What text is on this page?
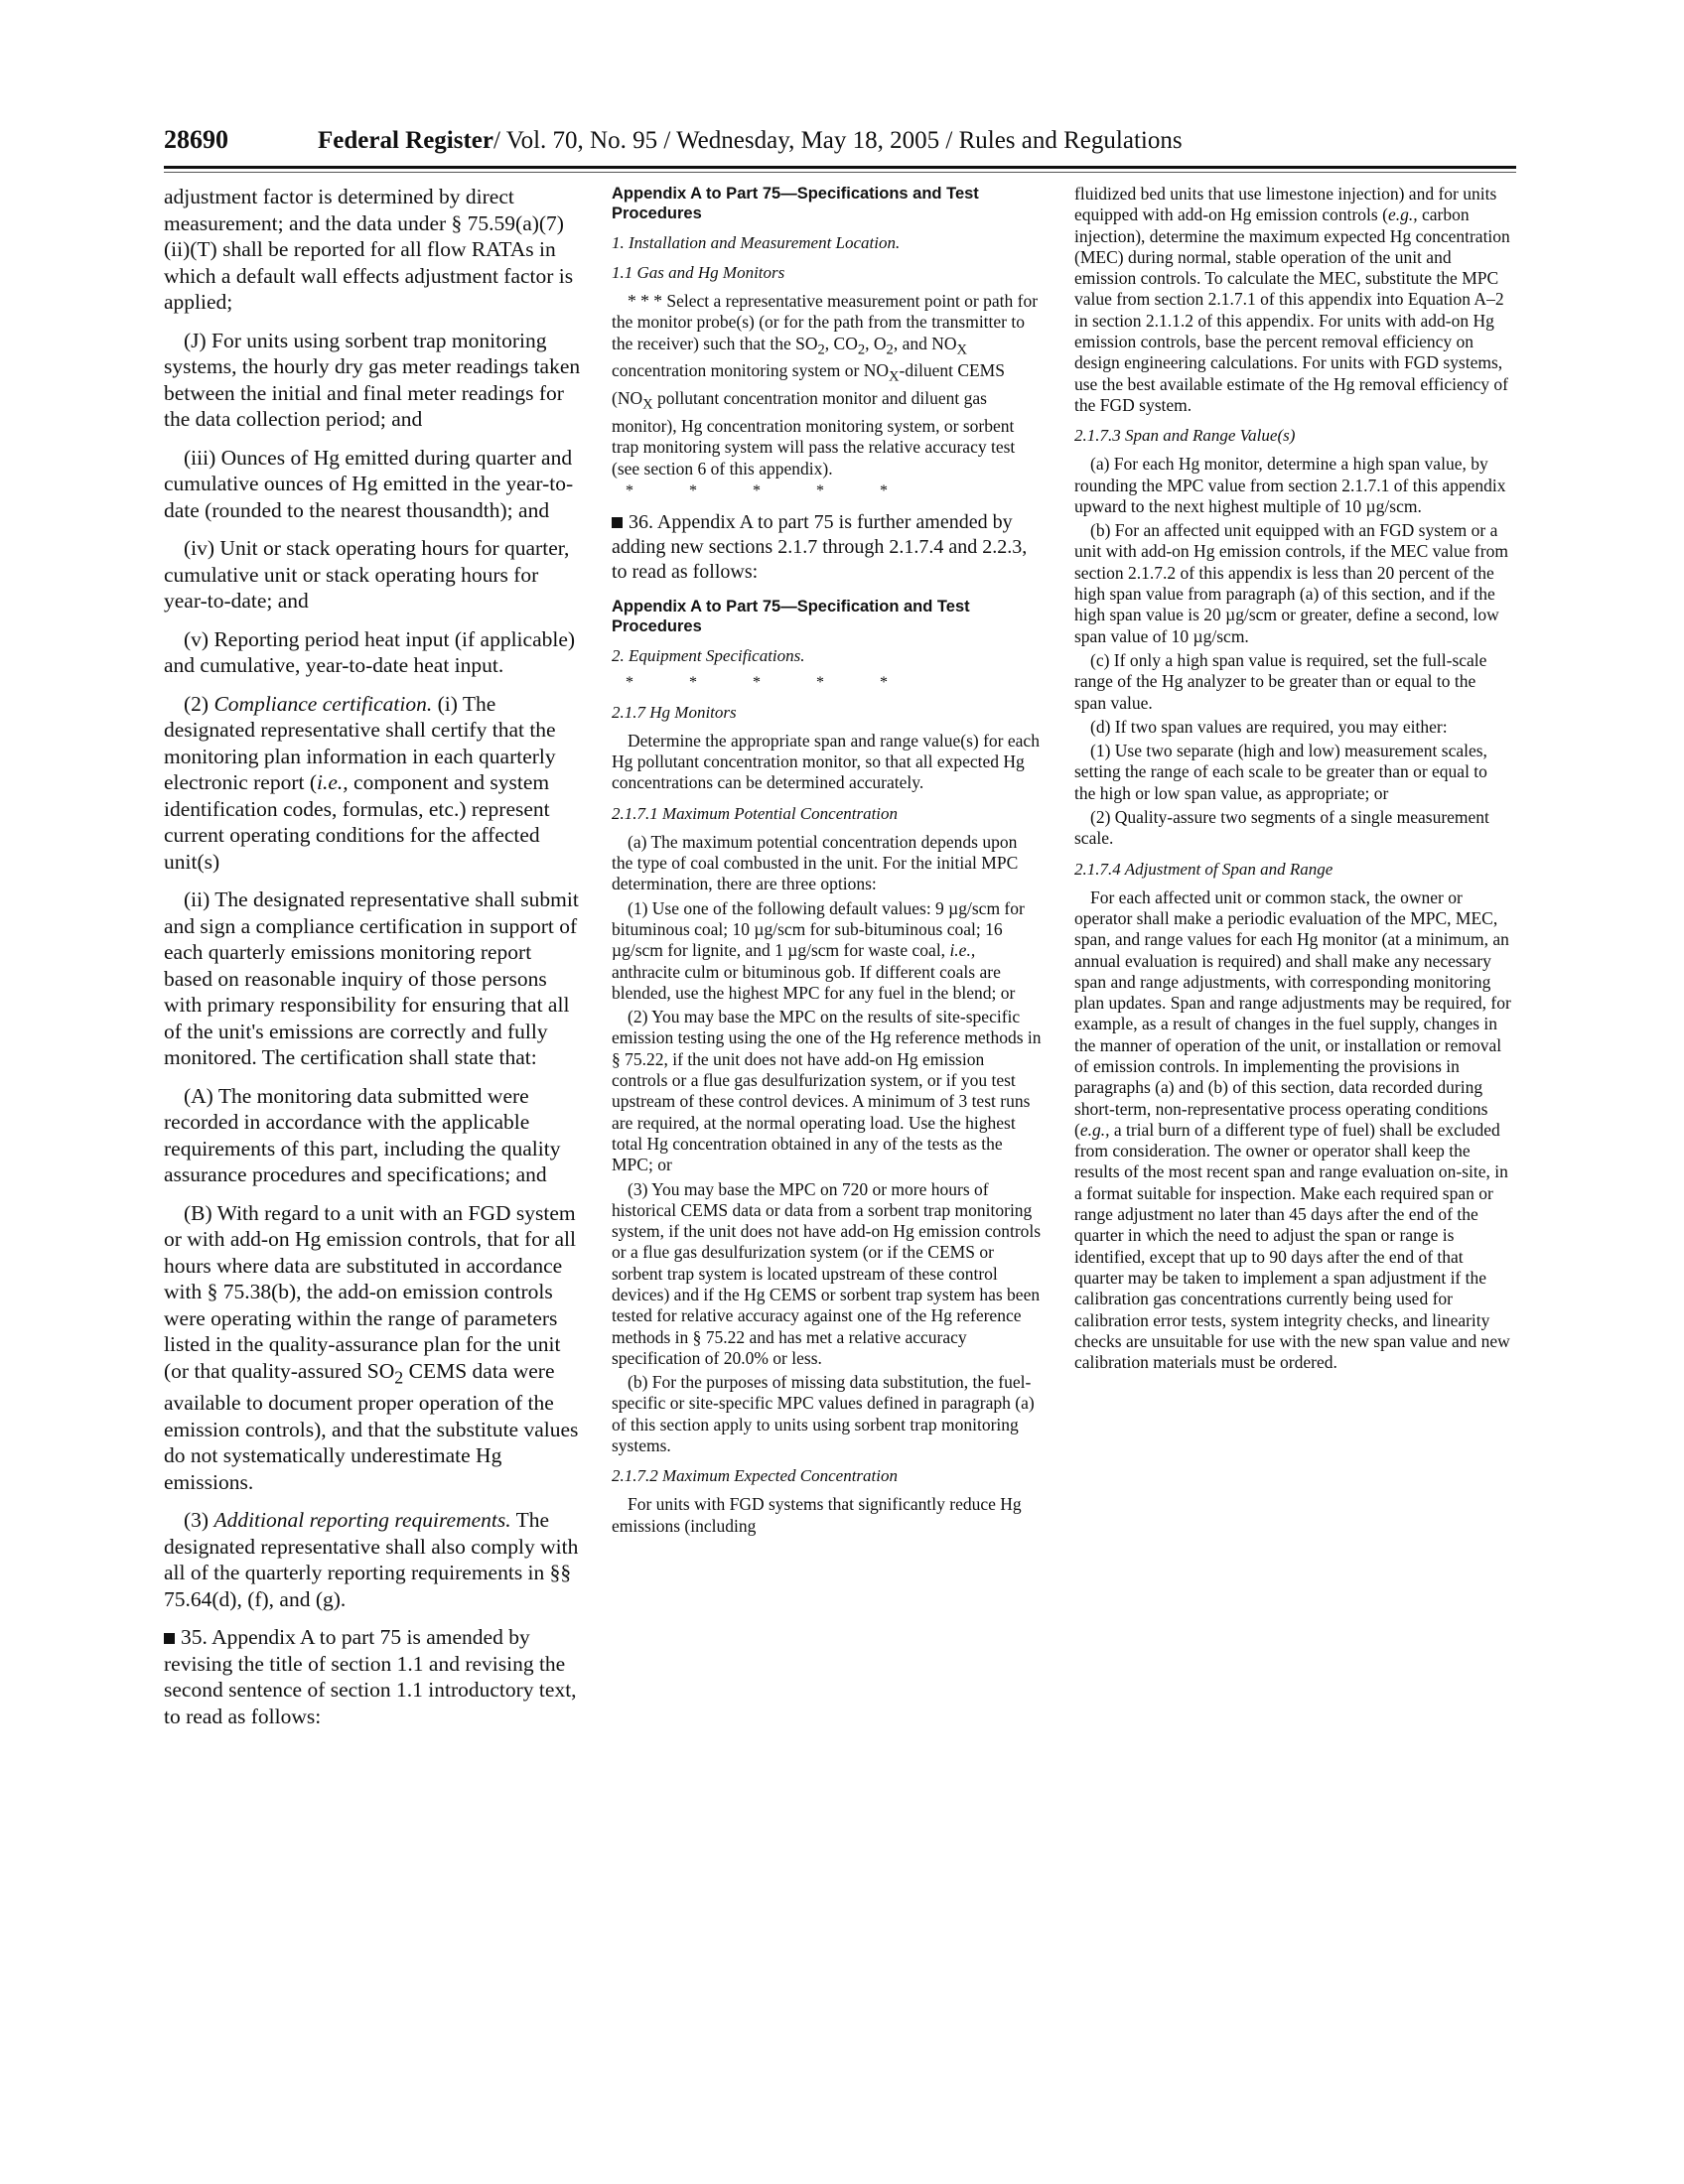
28690	Federal Register/ Vol. 70, No. 95 / Wednesday, May 18, 2005 / Rules and Regulations

adjustment factor is determined by direct measurement; and the data under § 75.59(a)(7)(ii)(T) shall be reported for all flow RATAs in which a default wall effects adjustment factor is applied;

(J) For units using sorbent trap monitoring systems, the hourly dry gas meter readings taken between the initial and final meter readings for the data collection period; and

(iii) Ounces of Hg emitted during quarter and cumulative ounces of Hg emitted in the year-to-date (rounded to the nearest thousandth); and

(iv) Unit or stack operating hours for quarter, cumulative unit or stack operating hours for year-to-date; and

(v) Reporting period heat input (if applicable) and cumulative, year-to-date heat input.

(2) Compliance certification. (i) The designated representative shall certify that the monitoring plan information in each quarterly electronic report (i.e., component and system identification codes, formulas, etc.) represent current operating conditions for the affected unit(s)

(ii) The designated representative shall submit and sign a compliance certification in support of each quarterly emissions monitoring report based on reasonable inquiry of those persons with primary responsibility for ensuring that all of the unit's emissions are correctly and fully monitored. The certification shall state that:

(A) The monitoring data submitted were recorded in accordance with the applicable requirements of this part, including the quality assurance procedures and specifications; and

(B) With regard to a unit with an FGD system or with add-on Hg emission controls, that for all hours where data are substituted in accordance with § 75.38(b), the add-on emission controls were operating within the range of parameters listed in the quality-assurance plan for the unit (or that quality-assured $SO_2$ CEMS data were available to document proper operation of the emission controls), and that the substitute values do not systematically underestimate Hg emissions.

(3) Additional reporting requirements. The designated representative shall also comply with all of the quarterly reporting requirements in §§ 75.64(d), (f), and (g).

35. Appendix A to part 75 is amended by revising the title of section 1.1 and revising the second sentence of section 1.1 introductory text, to read as follows:
Appendix A to Part 75—Specifications and Test Procedures
1. Installation and Measurement Location.
1.1 Gas and Hg Monitors

* * * Select a representative measurement point or path for the monitor probe(s) (or for the path from the transmitter to the receiver) such that the $SO_2$, $CO_2$, $O_2$, and $NO_X$ concentration monitoring system or $NO_X$-diluent CEMS ($NO_X$ pollutant concentration monitor and diluent gas monitor), Hg concentration monitoring system, or sorbent trap monitoring system will pass the relative accuracy test (see section 6 of this appendix).

* * * * *
36. Appendix A to part 75 is further amended by adding new sections 2.1.7 through 2.1.7.4 and 2.2.3, to read as follows:
Appendix A to Part 75—Specification and Test Procedures
2. Equipment Specifications.
* * * * *
2.1.7 Hg Monitors

Determine the appropriate span and range value(s) for each Hg pollutant concentration monitor, so that all expected Hg concentrations can be determined accurately.

2.1.7.1 Maximum Potential Concentration

(a) The maximum potential concentration depends upon the type of coal combusted in the unit. For the initial MPC determination, there are three options:

(1) Use one of the following default values: 9 µg/scm for bituminous coal; 10 µg/scm for sub-bituminous coal; 16 µg/scm for lignite, and 1 µg/scm for waste coal, i.e., anthracite culm or bituminous gob. If different coals are blended, use the highest MPC for any fuel in the blend; or

(2) You may base the MPC on the results of site-specific emission testing using the one of the Hg reference methods in § 75.22, if the unit does not have add-on Hg emission controls or a flue gas desulfurization system, or if you test upstream of these control devices. A minimum of 3 test runs are required, at the normal operating load. Use the highest total Hg concentration obtained in any of the tests as the MPC; or

(3) You may base the MPC on 720 or more hours of historical CEMS data or data from a sorbent trap monitoring system, if the unit does not have add-on Hg emission controls or a flue gas desulfurization system (or if the CEMS or sorbent trap system is located upstream of these control devices) and if the Hg CEMS or sorbent trap system has been tested for relative accuracy against one of the Hg reference methods in § 75.22 and has met a relative accuracy specification of 20.0% or less.

(b) For the purposes of missing data substitution, the fuel-specific or site-specific MPC values defined in paragraph (a) of this section apply to units using sorbent trap monitoring systems.

2.1.7.2 Maximum Expected Concentration

For units with FGD systems that significantly reduce Hg emissions (including

fluidized bed units that use limestone injection) and for units equipped with add-on Hg emission controls (e.g., carbon injection), determine the maximum expected Hg concentration (MEC) during normal, stable operation of the unit and emission controls. To calculate the MEC, substitute the MPC value from section 2.1.7.1 of this appendix into Equation A–2 in section 2.1.1.2 of this appendix. For units with add-on Hg emission controls, base the percent removal efficiency on design engineering calculations. For units with FGD systems, use the best available estimate of the Hg removal efficiency of the FGD system.

2.1.7.3 Span and Range Value(s)

(a) For each Hg monitor, determine a high span value, by rounding the MPC value from section 2.1.7.1 of this appendix upward to the next highest multiple of 10 µg/scm.

(b) For an affected unit equipped with an FGD system or a unit with add-on Hg emission controls, if the MEC value from section 2.1.7.2 of this appendix is less than 20 percent of the high span value from paragraph (a) of this section, and if the high span value is 20 µg/scm or greater, define a second, low span value of 10 µg/scm.

(c) If only a high span value is required, set the full-scale range of the Hg analyzer to be greater than or equal to the span value.

(d) If two span values are required, you may either:

(1) Use two separate (high and low) measurement scales, setting the range of each scale to be greater than or equal to the high or low span value, as appropriate; or

(2) Quality-assure two segments of a single measurement scale.

2.1.7.4 Adjustment of Span and Range

For each affected unit or common stack, the owner or operator shall make a periodic evaluation of the MPC, MEC, span, and range values for each Hg monitor (at a minimum, an annual evaluation is required) and shall make any necessary span and range adjustments, with corresponding monitoring plan updates. Span and range adjustments may be required, for example, as a result of changes in the fuel supply, changes in the manner of operation of the unit, or installation or removal of emission controls. In implementing the provisions in paragraphs (a) and (b) of this section, data recorded during short-term, non-representative process operating conditions (e.g., a trial burn of a different type of fuel) shall be excluded from consideration. The owner or operator shall keep the results of the most recent span and range evaluation on-site, in a format suitable for inspection. Make each required span or range adjustment no later than 45 days after the end of the quarter in which the need to adjust the span or range is identified, except that up to 90 days after the end of that quarter may be taken to implement a span adjustment if the calibration gas concentrations currently being used for calibration error tests, system integrity checks, and linearity checks are unsuitable for use with the new span value and new calibration materials must be ordered.
